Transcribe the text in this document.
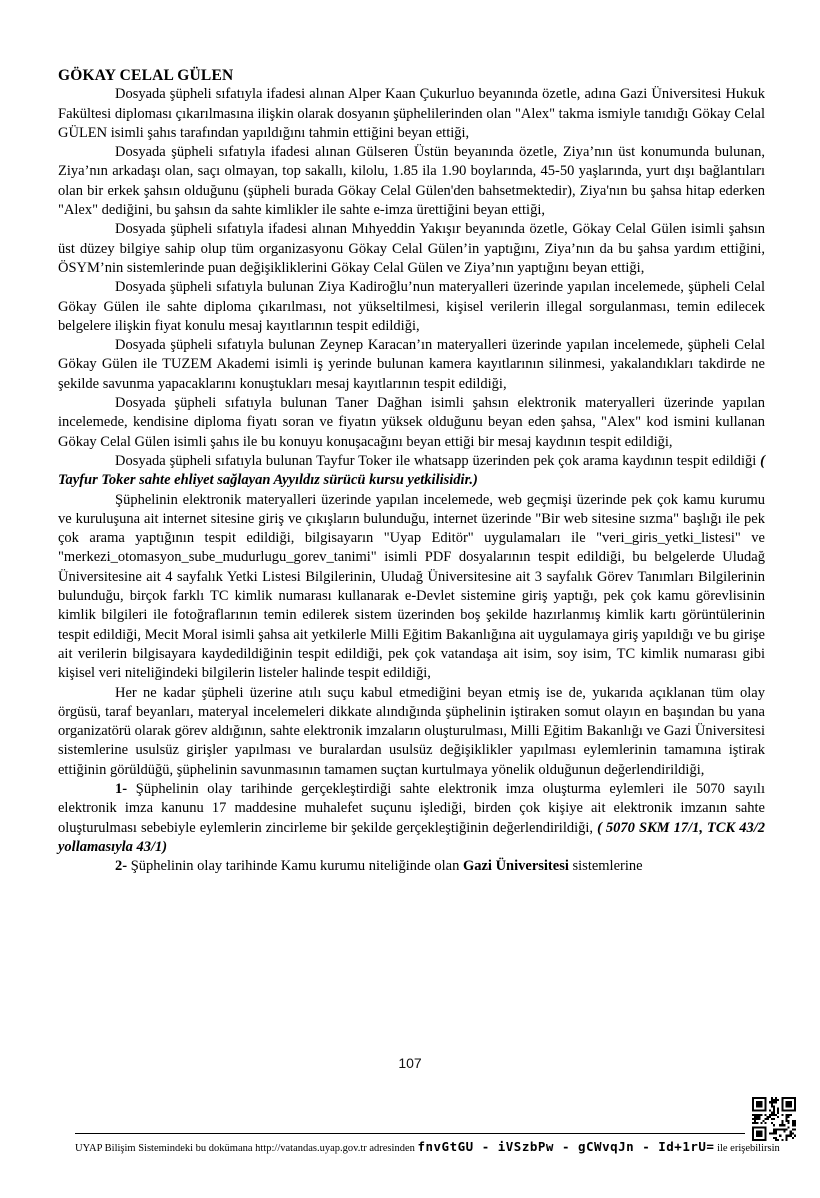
GÖKAY CELAL GÜLEN
Dosyada şüpheli sıfatıyla ifadesi alınan Alper Kaan Çukurluo beyanında özetle, adına Gazi Üniversitesi Hukuk Fakültesi diploması çıkarılmasına ilişkin olarak dosyanın şüphelilerinden olan "Alex" takma ismiyle tanıdığı Gökay Celal GÜLEN isimli şahıs tarafından yapıldığını tahmin ettiğini beyan ettiği,
Dosyada şüpheli sıfatıyla ifadesi alınan Gülseren Üstün beyanında özetle, Ziya’nın üst konumunda bulunan, Ziya’nın arkadaşı olan, saçı olmayan, top sakallı, kilolu, 1.85 ila 1.90 boylarında, 45-50 yaşlarında, yurt dışı bağlantıları olan bir erkek şahsın olduğunu (şüpheli burada Gökay Celal Gülen'den bahsetmektedir), Ziya'nın bu şahsa hitap ederken "Alex" dediğini, bu şahsın da sahte kimlikler ile sahte e-imza ürettiğini beyan ettiği,
Dosyada şüpheli sıfatıyla ifadesi alınan Mıhyeddin Yakışır beyanında özetle, Gökay Celal Gülen isimli şahsın üst düzey bilgiye sahip olup tüm organizasyonu Gökay Celal Gülen’in yaptığını, Ziya’nın da bu şahsa yardım ettiğini, ÖSYM’nin sistemlerinde puan değişikliklerini Gökay Celal Gülen ve Ziya’nın yaptığını beyan ettiği,
Dosyada şüpheli sıfatıyla bulunan Ziya Kadiroğlu’nun materyalleri üzerinde yapılan incelemede, şüpheli Celal Gökay Gülen ile sahte diploma çıkarılması, not yükseltilmesi, kişisel verilerin illegal sorgulanması, temin edilecek belgelere ilişkin fiyat konulu mesaj kayıtlarının tespit edildiği,
Dosyada şüpheli sıfatıyla bulunan Zeynep Karacan’ın materyalleri üzerinde yapılan incelemede, şüpheli Celal Gökay Gülen ile TUZEM Akademi isimli iş yerinde bulunan kamera kayıtlarının silinmesi, yakalandıkları takdirde ne şekilde savunma yapacaklarını konuştukları mesaj kayıtlarının tespit edildiği,
Dosyada şüpheli sıfatıyla bulunan Taner Dağhan isimli şahsın elektronik materyalleri üzerinde yapılan incelemede, kendisine diploma fiyatı soran ve fiyatın yüksek olduğunu beyan eden şahsa, "Alex" kod ismini kullanan Gökay Celal Gülen isimli şahıs ile bu konuyu konuşacağını beyan ettiği bir mesaj kaydının tespit edildiği,
Dosyada şüpheli sıfatıyla bulunan Tayfur Toker ile whatsapp üzerinden pek çok arama kaydının tespit edildiği ( Tayfur Toker sahte ehliyet sağlayan Ayyıldız sürücü kursu yetkilisidir.)
Şüphelinin elektronik materyalleri üzerinde yapılan incelemede, web geçmişi üzerinde pek çok kamu kurumu ve kuruluşuna ait internet sitesine giriş ve çıkışların bulunduğu, internet üzerinde "Bir web sitesine sızma" başlığı ile pek çok arama yaptığının tespit edildiği, bilgisayarın "Uyap Editör" uygulamaları ile "veri_giris_yetki_listesi" ve "merkezi_otomasyon_sube_mudurlugu_gorev_tanimi" isimli PDF dosyalarının tespit edildiği, bu belgelerde Uludağ Üniversitesine ait 4 sayfalık Yetki Listesi Bilgilerinin, Uludağ Üniversitesine ait 3 sayfalık Görev Tanımları Bilgilerinin bulunduğu, birçok farklı TC kimlik numarası kullanarak e-Devlet sistemine giriş yaptığı, pek çok kamu görevlisinin kimlik bilgileri ile fotoğraflarının temin edilerek sistem üzerinden boş şekilde hazırlanmış kimlik kartı görüntülerinin tespit edildiği, Mecit Moral isimli şahsa ait yetkilerle Milli Eğitim Bakanlığına ait uygulamaya giriş yapıldığı ve bu girişe ait verilerin bilgisayara kaydedildiğinin tespit edildiği, pek çok vatandaşa ait isim, soy isim, TC kimlik numarası gibi kişisel veri niteliğindeki bilgilerin listeler halinde tespit edildiği,
Her ne kadar şüpheli üzerine atılı suçu kabul etmediğini beyan etmiş ise de, yukarıda açıklanan tüm olay örgüsü, taraf beyanları, materyal incelemeleri dikkate alındığında şüphelinin iştiraken somut olayın en başından bu yana organizatörü olarak görev aldığının, sahte elektronik imzaların oluşturulması, Milli Eğitim Bakanlığı ve Gazi Üniversitesi sistemlerine usulsüz girişler yapılması ve buralardan usulsüz değişiklikler yapılması eylemlerinin tamamına iştirak ettiğinin görüldüğü, şüphelinin savunmasının tamamen suçtan kurtulmaya yönelik olduğunun değerlendirildiği,
1- Şüphelinin olay tarihinde gerçekleştirdiği sahte elektronik imza oluşturma eylemleri ile 5070 sayılı elektronik imza kanunu 17 maddesine muhalefet suçunu işlediği, birden çok kişiye ait elektronik imzanın sahte oluşturulması sebebiyle eylemlerin zincirleme bir şekilde gerçekleştiğinin değerlendirildiği, ( 5070 SKM 17/1, TCK 43/2 yollamasıyla 43/1)
2- Şüphelinin olay tarihinde Kamu kurumu niteliğinde olan Gazi Üniversitesi sistemlerine
107
UYAP Bilişim Sistemindeki bu dokümana http://vatandas.uyap.gov.tr adresinden fnvGtGU - iVSzbPw - gCWvqJn - Id+1rU= ile erişebilirsin
